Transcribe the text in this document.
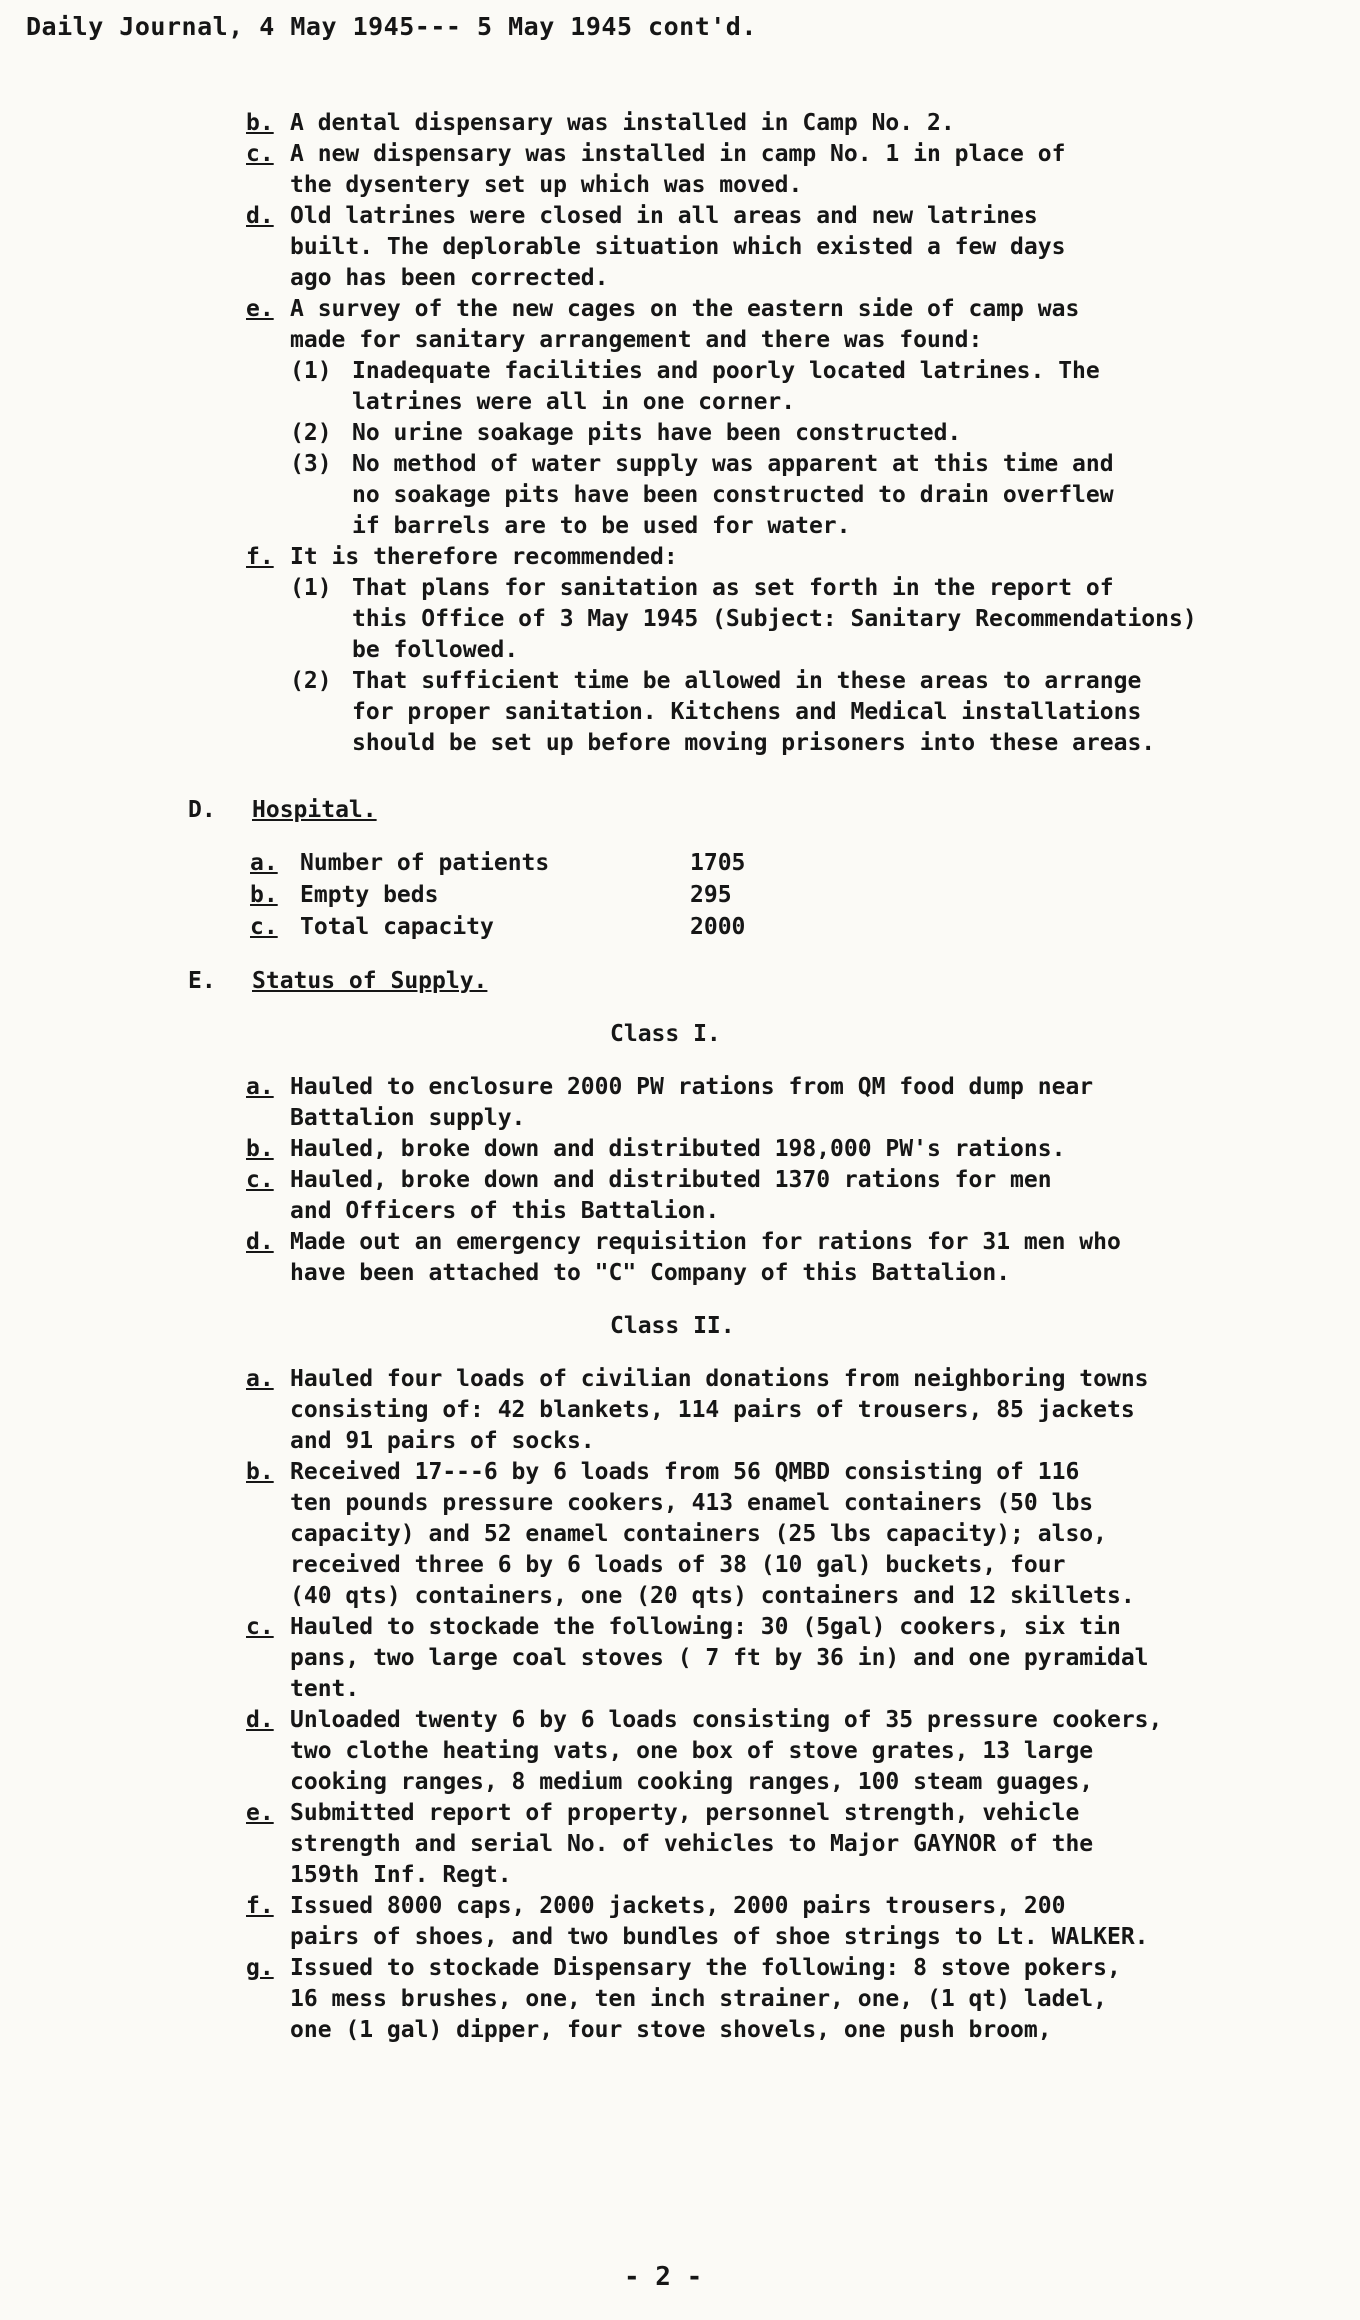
Daily Journal, 4 May 1945--- 5 May 1945 cont'd.
b. A dental dispensary was installed in Camp No. 2.

c. A new dispensary was installed in camp No. 1 in place of
the dysentery set up which was moved.

d. Old latrines were closed in all areas and new latrines
built. The deplorable situation which existed a few days
ago has been corrected.

e. A survey of the new cages on the eastern side of camp was
made for sanitary arrangement and there was found:

(1) Inadequate facilities and poorly located latrines. The
latrines were all in one corner.

(2) No urine soakage pits have been constructed.

(3) No method of water supply was apparent at this time and
no soakage pits have been constructed to drain overflew
if barrels are to be used for water.

f. It is therefore recommended:

(1) That plans for sanitation as set forth in the report of
this Office of 3 May 1945 (Subject: Sanitary Recommendations)
be followed.

(2) That sufficient time be allowed in these areas to arrange
for proper sanitation. Kitchens and Medical installations
should be set up before moving prisoners into these areas.

D. Hospital.
a. Number of patients	1705
b. Empty beds	295
c. Total capacity	2000
E. Status of Supply.
Class I.
a. Hauled to enclosure 2000 PW rations from QM food dump near
Battalion supply.

b. Hauled, broke down and distributed 198,000 PW's rations.

c. Hauled, broke down and distributed 1370 rations for men
and Officers of this Battalion.

d. Made out an emergency requisition for rations for 31 men who
have been attached to "C" Company of this Battalion.

Class II.
a. Hauled four loads of civilian donations from neighboring towns
consisting of: 42 blankets, 114 pairs of trousers, 85 jackets
and 91 pairs of socks.

b. Received 17---6 by 6 loads from 56 QMBD consisting of 116
ten pounds pressure cookers, 413 enamel containers (50 lbs
capacity) and 52 enamel containers (25 lbs capacity); also,
received three 6 by 6 loads of 38 (10 gal) buckets, four
(40 qts) containers, one (20 qts) containers and 12 skillets.

c. Hauled to stockade the following: 30 (5gal) cookers, six tin
pans, two large coal stoves ( 7 ft by 36 in) and one pyramidal
tent.

d. Unloaded twenty 6 by 6 loads consisting of 35 pressure cookers,
two clothe heating vats, one box of stove grates, 13 large
cooking ranges, 8 medium cooking ranges, 100 steam guages,

e. Submitted report of property, personnel strength, vehicle
strength and serial No. of vehicles to Major GAYNOR of the
159th Inf. Regt.

f. Issued 8000 caps, 2000 jackets, 2000 pairs trousers, 200
pairs of shoes, and two bundles of shoe strings to Lt. WALKER.

g. Issued to stockade Dispensary the following: 8 stove pokers,
16 mess brushes, one, ten inch strainer, one, (1 qt) ladel,
one (1 gal) dipper, four stove shovels, one push broom,

- 2 -
